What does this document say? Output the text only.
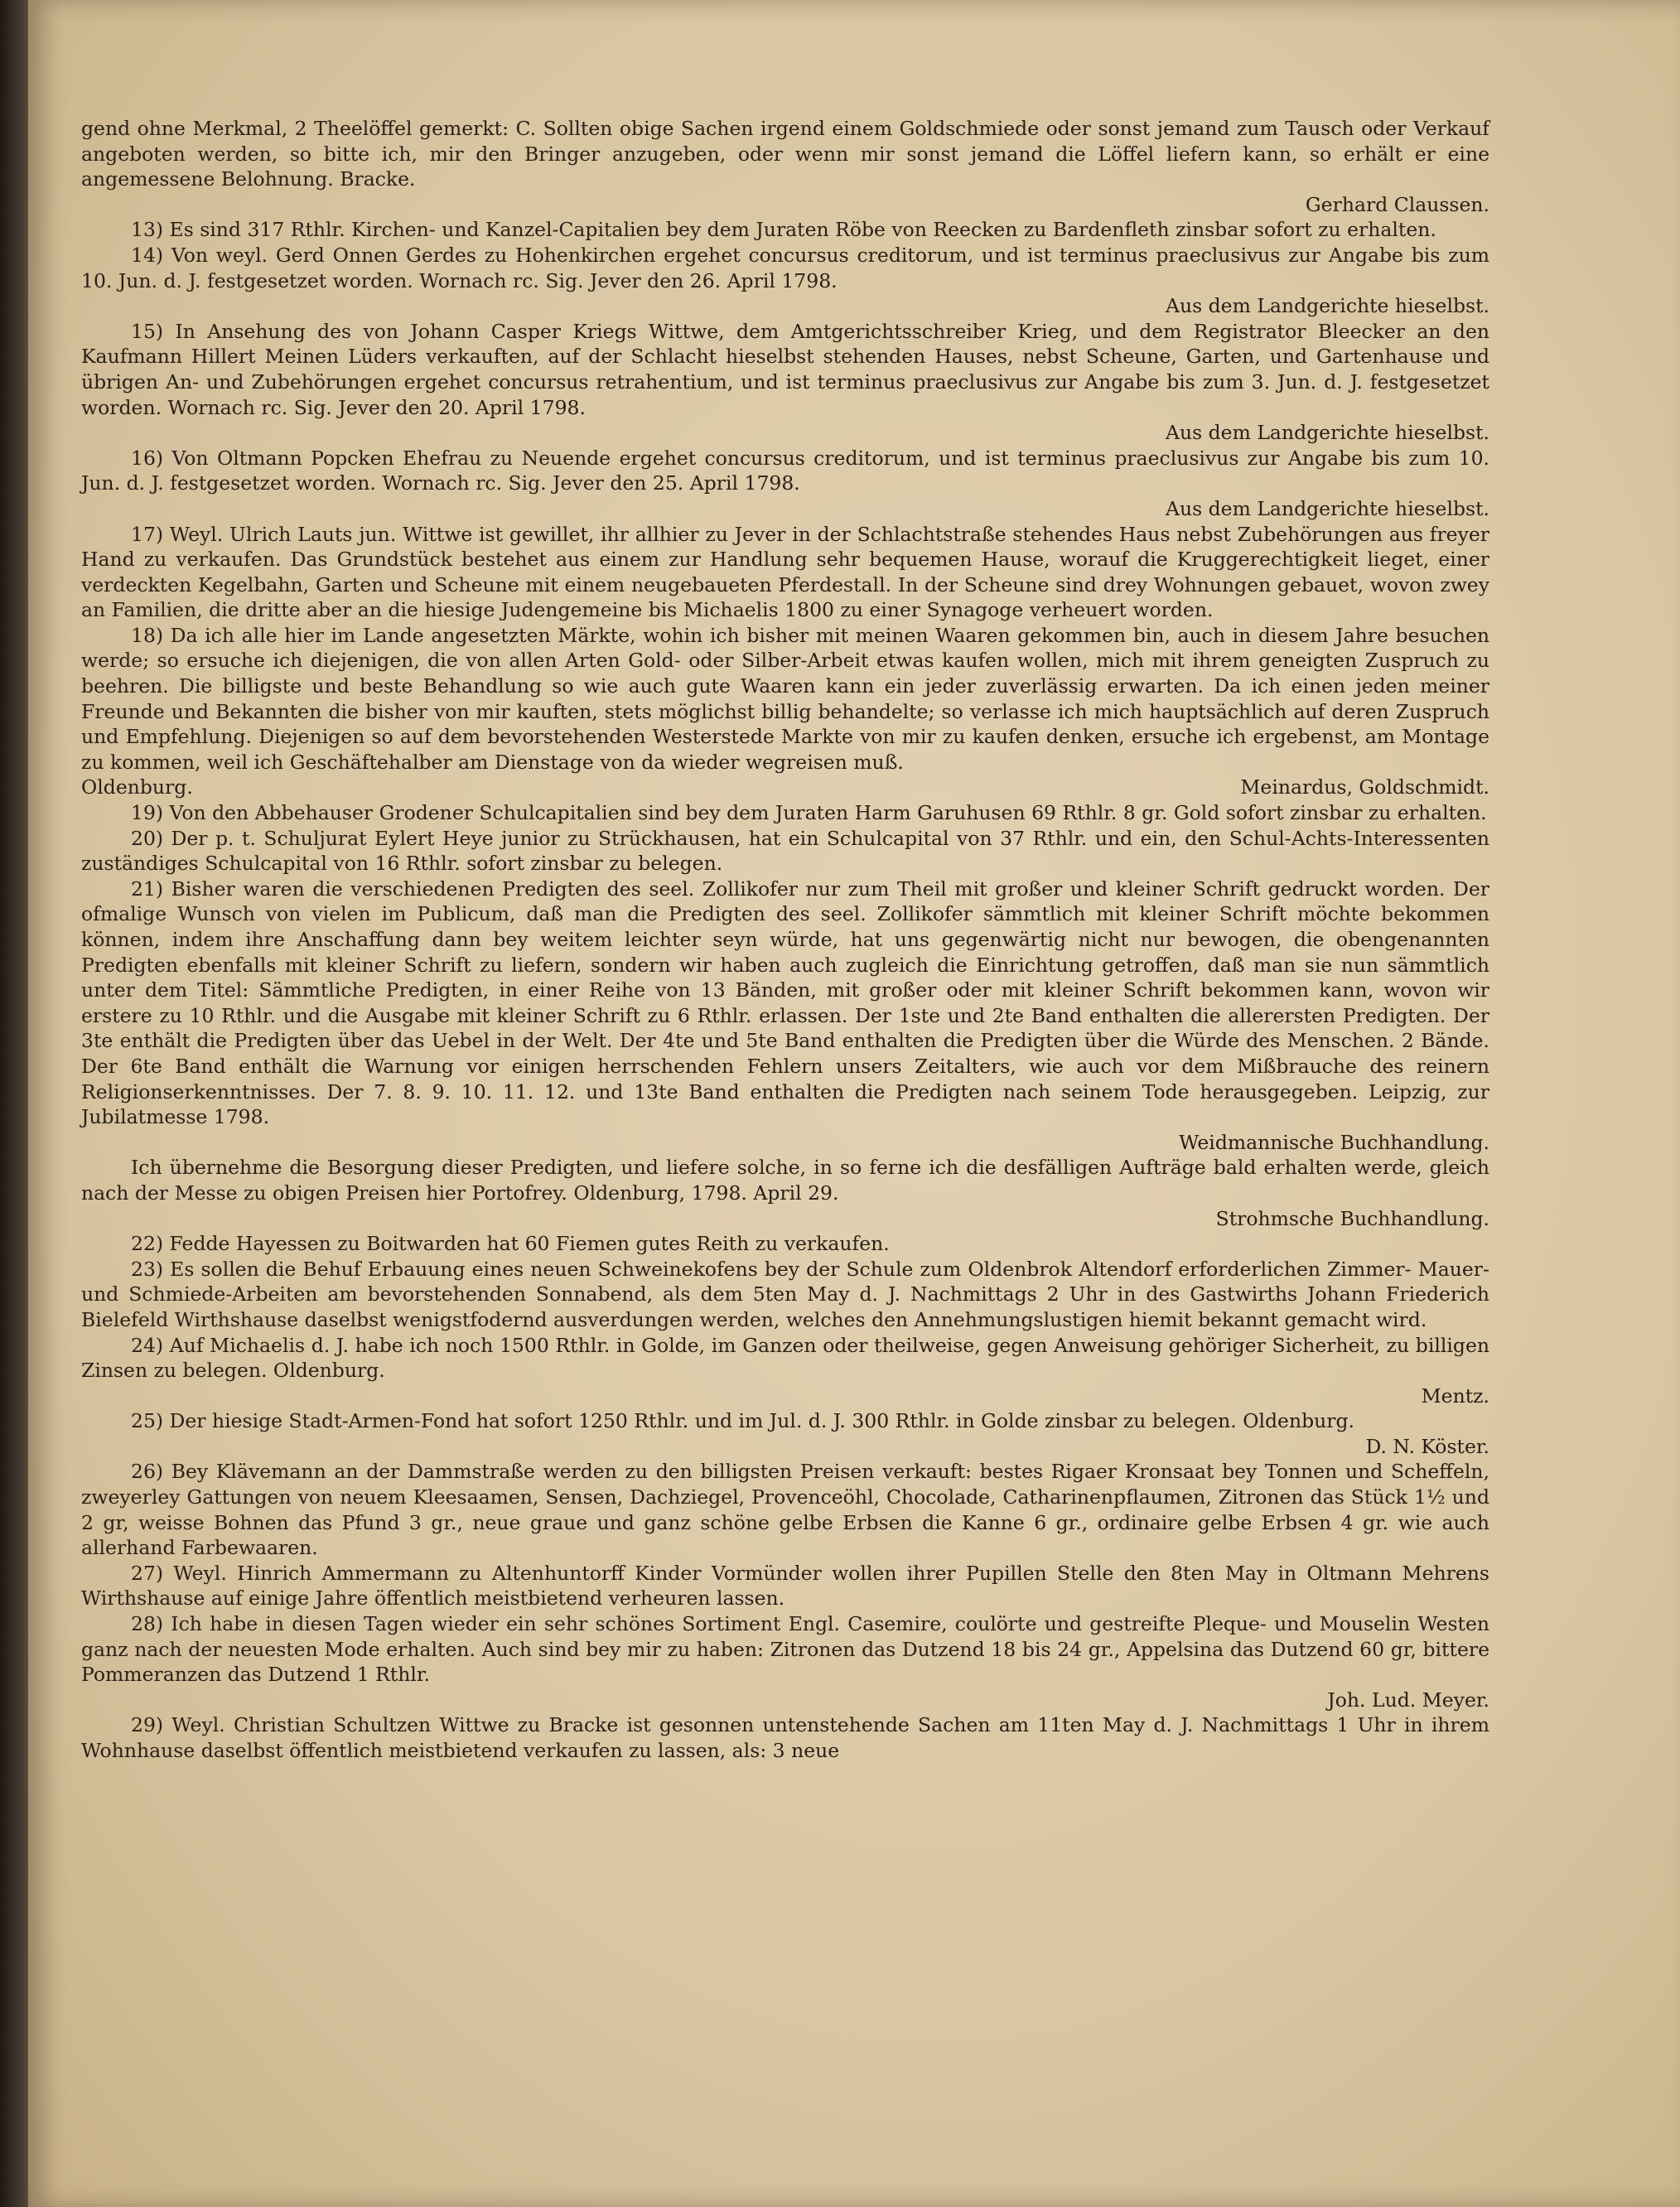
gend ohne Merkmal, 2 Theelöffel gemerkt: C. Sollten obige Sachen irgend einem Goldschmiede oder sonst jemand zum Tausch oder Verkauf angeboten werden, so bitte ich, mir den Bringer anzugeben, oder wenn mir sonst jemand die Löffel liefern kann, so erhält er eine angemessene Belohnung. Bracke.

Gerhard Claussen.

13) Es sind 317 Rthlr. Kirchen- und Kanzel-Capitalien bey dem Juraten Röbe von Reecken zu Bardenfleth zinsbar sofort zu erhalten.

14) Von weyl. Gerd Onnen Gerdes zu Hohenkirchen ergehet concursus creditorum, und ist terminus praeclusivus zur Angabe bis zum 10. Jun. d. J. festgesetzet worden. Wornach rc. Sig. Jever den 26. April 1798.

Aus dem Landgerichte hieselbst.

15) In Ansehung des von Johann Casper Kriegs Wittwe, dem Amtgerichtsschreiber Krieg, und dem Registrator Bleecker an den Kaufmann Hillert Meinen Lüders verkauften, auf der Schlacht hieselbst stehenden Hauses, nebst Scheune, Garten, und Gartenhause und übrigen An- und Zubehörungen ergehet concursus retrahentium, und ist terminus praeclusivus zur Angabe bis zum 3. Jun. d. J. festgesetzet worden. Wornach rc. Sig. Jever den 20. April 1798.

Aus dem Landgerichte hieselbst.

16) Von Oltmann Popcken Ehefrau zu Neuende ergehet concursus creditorum, und ist terminus praeclusivus zur Angabe bis zum 10. Jun. d. J. festgesetzet worden. Wornach rc. Sig. Jever den 25. April 1798.

Aus dem Landgerichte hieselbst.

17) Weyl. Ulrich Lauts jun. Wittwe ist gewillet, ihr allhier zu Jever in der Schlachtstraße stehendes Haus nebst Zubehörungen aus freyer Hand zu verkaufen. Das Grundstück bestehet aus einem zur Handlung sehr bequemen Hause, worauf die Kruggerechtigkeit lieget, einer verdeckten Kegelbahn, Garten und Scheune mit einem neugebaueten Pferdestall. In der Scheune sind drey Wohnungen gebauet, wovon zwey an Familien, die dritte aber an die hiesige Judengemeine bis Michaelis 1800 zu einer Synagoge verheuert worden.

18) Da ich alle hier im Lande angesetzten Märkte, wohin ich bisher mit meinen Waaren gekommen bin, auch in diesem Jahre besuchen werde; so ersuche ich diejenigen, die von allen Arten Gold- oder Silber-Arbeit etwas kaufen wollen, mich mit ihrem geneigten Zuspruch zu beehren. Die billigste und beste Behandlung so wie auch gute Waaren kann ein jeder zuverlässig erwarten. Da ich einen jeden meiner Freunde und Bekannten die bisher von mir kauften, stets möglichst billig behandelte; so verlasse ich mich hauptsächlich auf deren Zuspruch und Empfehlung. Diejenigen so auf dem bevorstehenden Westerstede Markte von mir zu kaufen denken, ersuche ich ergebenst, am Montage zu kommen, weil ich Geschäftehalber am Dienstage von da wieder wegreisen muß.

Oldenburg.	Meinardus, Goldschmidt.

19) Von den Abbehauser Grodener Schulcapitalien sind bey dem Juraten Harm Garuhusen 69 Rthlr. 8 gr. Gold sofort zinsbar zu erhalten.

20) Der p. t. Schuljurat Eylert Heye junior zu Strückhausen, hat ein Schulcapital von 37 Rthlr. und ein, den Schul-Achts-Interessenten zuständiges Schulcapital von 16 Rthlr. sofort zinsbar zu belegen.

21) Bisher waren die verschiedenen Predigten des seel. Zollikofer nur zum Theil mit großer und kleiner Schrift gedruckt worden. Der ofmalige Wunsch von vielen im Publicum, daß man die Predigten des seel. Zollikofer sämmtlich mit kleiner Schrift möchte bekommen können, indem ihre Anschaffung dann bey weitem leichter seyn würde, hat uns gegenwärtig nicht nur bewogen, die obengenannten Predigten ebenfalls mit kleiner Schrift zu liefern, sondern wir haben auch zugleich die Einrichtung getroffen, daß man sie nun sämmtlich unter dem Titel: Sämmtliche Predigten, in einer Reihe von 13 Bänden, mit großer oder mit kleiner Schrift bekommen kann, wovon wir erstere zu 10 Rthlr. und die Ausgabe mit kleiner Schrift zu 6 Rthlr. erlassen. Der 1ste und 2te Band enthalten die allerersten Predigten. Der 3te enthält die Predigten über das Uebel in der Welt. Der 4te und 5te Band enthalten die Predigten über die Würde des Menschen. 2 Bände. Der 6te Band enthält die Warnung vor einigen herrschenden Fehlern unsers Zeitalters, wie auch vor dem Mißbrauche des reinern Religionserkenntnisses. Der 7. 8. 9. 10. 11. 12. und 13te Band enthalten die Predigten nach seinem Tode herausgegeben. Leipzig, zur Jubilatmesse 1798.

Weidmannische Buchhandlung.

Ich übernehme die Besorgung dieser Predigten, und liefere solche, in so ferne ich die desfälligen Aufträge bald erhalten werde, gleich nach der Messe zu obigen Preisen hier Portofrey. Oldenburg, 1798. April 29.

Strohmsche Buchhandlung.

22) Fedde Hayessen zu Boitwarden hat 60 Fiemen gutes Reith zu verkaufen.

23) Es sollen die Behuf Erbauung eines neuen Schweinekofens bey der Schule zum Oldenbrok Altendorf erforderlichen Zimmer- Mauer- und Schmiede-Arbeiten am bevorstehenden Sonnabend, als dem 5ten May d. J. Nachmittags 2 Uhr in des Gastwirths Johann Friederich Bielefeld Wirthshause daselbst wenigstfodernd ausverdungen werden, welches den Annehmungslustigen hiemit bekannt gemacht wird.

24) Auf Michaelis d. J. habe ich noch 1500 Rthlr. in Golde, im Ganzen oder theilweise, gegen Anweisung gehöriger Sicherheit, zu billigen Zinsen zu belegen. Oldenburg.

Mentz.

25) Der hiesige Stadt-Armen-Fond hat sofort 1250 Rthlr. und im Jul. d. J. 300 Rthlr. in Golde zinsbar zu belegen. Oldenburg.

D. N. Köster.

26) Bey Klävemann an der Dammstraße werden zu den billigsten Preisen verkauft: bestes Rigaer Kronsaat bey Tonnen und Scheffeln, zweyerley Gattungen von neuem Kleesaamen, Sensen, Dachziegel, Provenceöhl, Chocolade, Catharinenpflaumen, Zitronen das Stück 1½ und 2 gr, weisse Bohnen das Pfund 3 gr., neue graue und ganz schöne gelbe Erbsen die Kanne 6 gr., ordinaire gelbe Erbsen 4 gr. wie auch allerhand Farbewaaren.

27) Weyl. Hinrich Ammermann zu Altenhuntorff Kinder Vormünder wollen ihrer Pupillen Stelle den 8ten May in Oltmann Mehrens Wirthshause auf einige Jahre öffentlich meistbietend verheuren lassen.

28) Ich habe in diesen Tagen wieder ein sehr schönes Sortiment Engl. Casemire, coulörte und gestreifte Pleque- und Mouselin Westen ganz nach der neuesten Mode erhalten. Auch sind bey mir zu haben: Zitronen das Dutzend 18 bis 24 gr., Appelsina das Dutzend 60 gr, bittere Pommeranzen das Dutzend 1 Rthlr.

Joh. Lud. Meyer.

29) Weyl. Christian Schultzen Wittwe zu Bracke ist gesonnen untenstehende Sachen am 11ten May d. J. Nachmittags 1 Uhr in ihrem Wohnhause daselbst öffentlich meistbietend verkaufen zu lassen, als: 3 neue
